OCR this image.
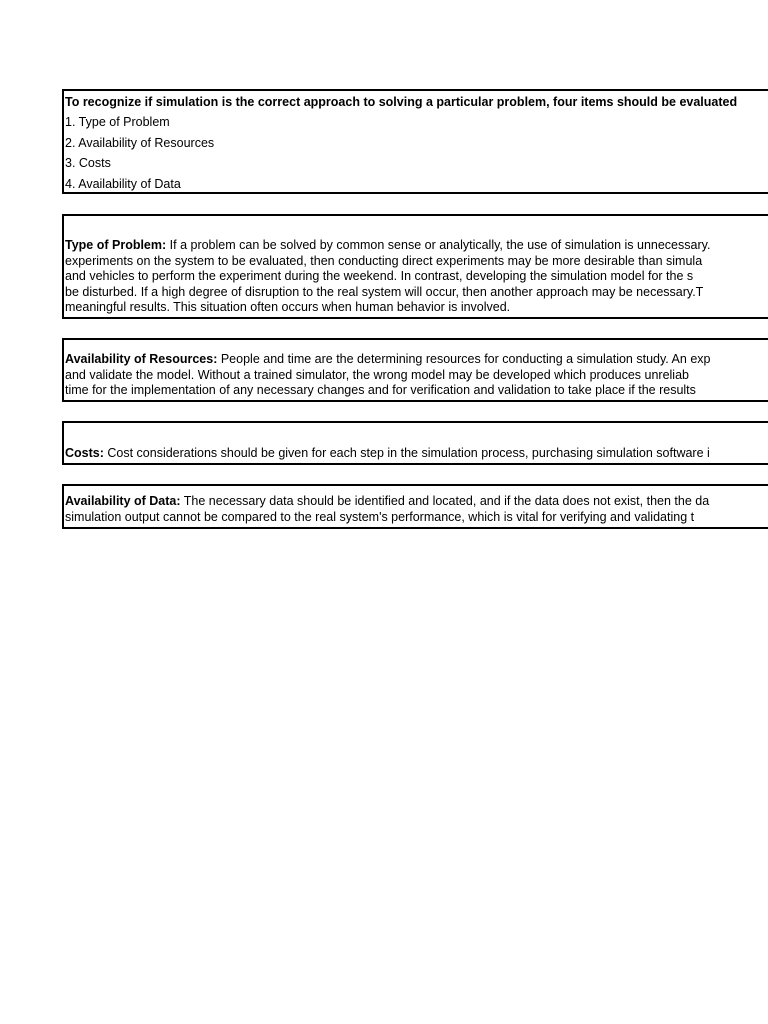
To recognize if simulation is the correct approach to solving a particular problem, four items should be evaluated
1. Type of Problem
2. Availability of Resources
3. Costs
4. Availability of Data
Type of Problem: If a problem can be solved by common sense or analytically, the use of simulation is unnecessary.
experiments on the system to be evaluated, then conducting direct experiments may be more desirable than simula
and vehicles to perform the experiment during the weekend. In contrast, developing the simulation model for the s
be disturbed. If a high degree of disruption to the real system will occur, then another approach may be necessary.T
meaningful results. This situation often occurs when human behavior is involved.
Availability of Resources: People and time are the determining resources for conducting a simulation study. An exp
and validate the model. Without a trained simulator, the wrong model may be developed which produces unreliab
time for the implementation of any necessary changes and for verification and validation to take place if the results
Costs: Cost considerations should be given for each step in the simulation process, purchasing simulation software i
Availability of Data: The necessary data should be identified and located, and if the data does not exist, then the da
simulation output cannot be compared to the real system's performance, which is vital for verifying and validating t
